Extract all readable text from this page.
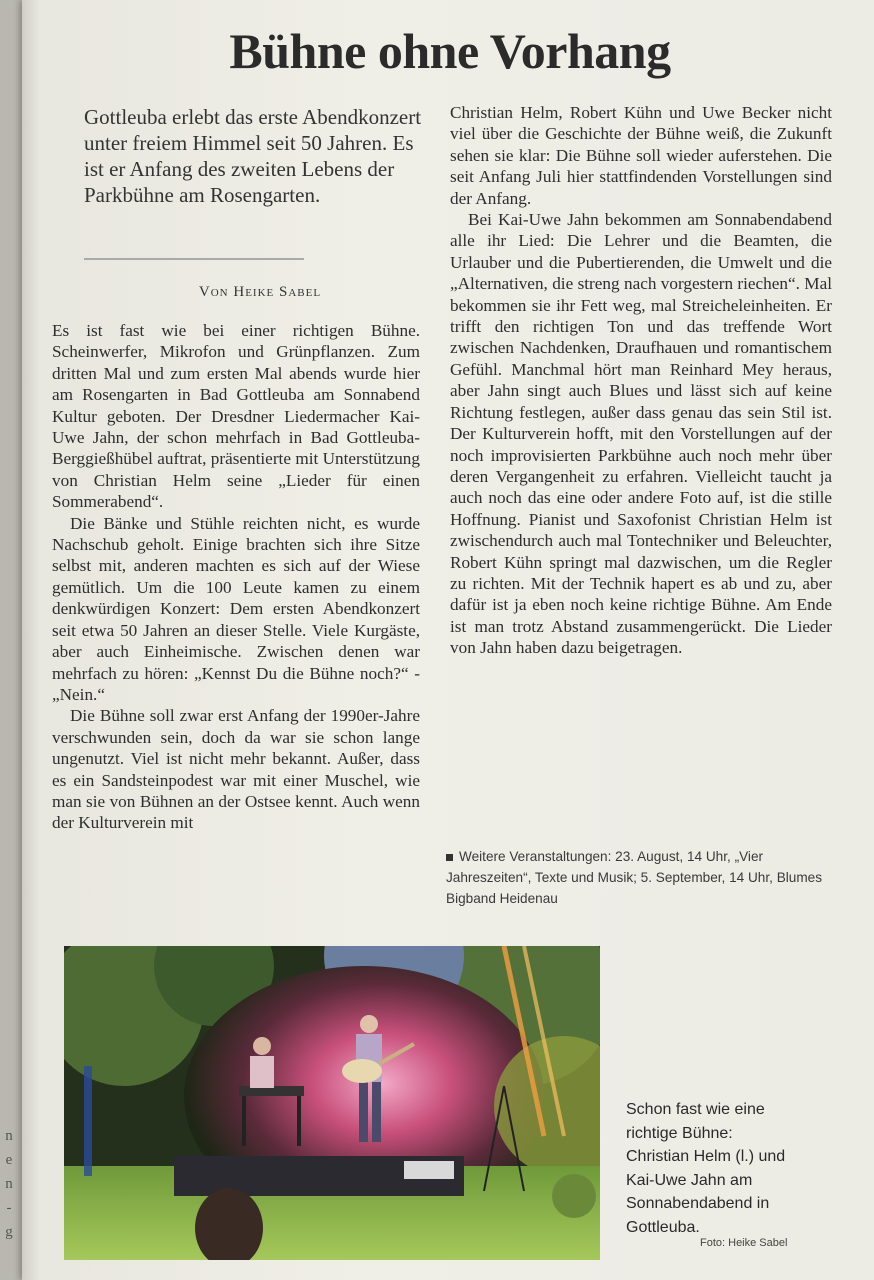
n
e
n
-
g
Bühne ohne Vorhang
Gottleuba erlebt das erste Abendkonzert unter freiem Himmel seit 50 Jahren. Es ist er Anfang des zweiten Lebens der Parkbühne am Rosengarten.
Von Heike Sabel

Es ist fast wie bei einer richtigen Bühne. Scheinwerfer, Mikrofon und Grünpflanzen. Zum dritten Mal und zum ersten Mal abends wurde hier am Rosengarten in Bad Gottleuba am Sonnabend Kultur geboten. Der Dresdner Liedermacher Kai-Uwe Jahn, der schon mehrfach in Bad Gottleuba-Berggießhübel auftrat, präsentierte mit Unterstützung von Christian Helm seine „Lieder für einen Sommerabend“.

Die Bänke und Stühle reichten nicht, es wurde Nachschub geholt. Einige brachten sich ihre Sitze selbst mit, anderen machten es sich auf der Wiese gemütlich. Um die 100 Leute kamen zu einem denkwürdigen Konzert: Dem ersten Abendkonzert seit etwa 50 Jahren an dieser Stelle. Viele Kurgäste, aber auch Einheimische. Zwischen denen war mehrfach zu hören: „Kennst Du die Bühne noch?“ - „Nein.“

Die Bühne soll zwar erst Anfang der 1990er-Jahre verschwunden sein, doch da war sie schon lange ungenutzt. Viel ist nicht mehr bekannt. Außer, dass es ein Sandsteinpodest war mit einer Muschel, wie man sie von Bühnen an der Ostsee kennt. Auch wenn der Kulturverein mit

Christian Helm, Robert Kühn und Uwe Becker nicht viel über die Geschichte der Bühne weiß, die Zukunft sehen sie klar: Die Bühne soll wieder auferstehen. Die seit Anfang Juli hier stattfindenden Vorstellungen sind der Anfang.

Bei Kai-Uwe Jahn bekommen am Sonnabendabend alle ihr Lied: Die Lehrer und die Beamten, die Urlauber und die Pubertierenden, die Umwelt und die „Alternativen, die streng nach vorgestern riechen“. Mal bekommen sie ihr Fett weg, mal Streicheleinheiten. Er trifft den richtigen Ton und das treffende Wort zwischen Nachdenken, Draufhauen und romantischem Gefühl. Manchmal hört man Reinhard Mey heraus, aber Jahn singt auch Blues und lässt sich auf keine Richtung festlegen, außer dass genau das sein Stil ist. Der Kulturverein hofft, mit den Vorstellungen auf der noch improvisierten Parkbühne auch noch mehr über deren Vergangenheit zu erfahren. Vielleicht taucht ja auch noch das eine oder andere Foto auf, ist die stille Hoffnung. Pianist und Saxofonist Christian Helm ist zwischendurch auch mal Tontechniker und Beleuchter, Robert Kühn springt mal dazwischen, um die Regler zu richten. Mit der Technik hapert es ab und zu, aber dafür ist ja eben noch keine richtige Bühne. Am Ende ist man trotz Abstand zusammengerückt. Die Lieder von Jahn haben dazu beigetragen.

Weitere Veranstaltungen: 23. August, 14 Uhr, „Vier Jahreszeiten“, Texte und Musik; 5. September, 14 Uhr, Blumes Bigband Heidenau
Schon fast wie eine richtige Bühne: Christian Helm (l.) und Kai-Uwe Jahn am Sonnabendabend in Gottleuba.
Foto: Heike Sabel
